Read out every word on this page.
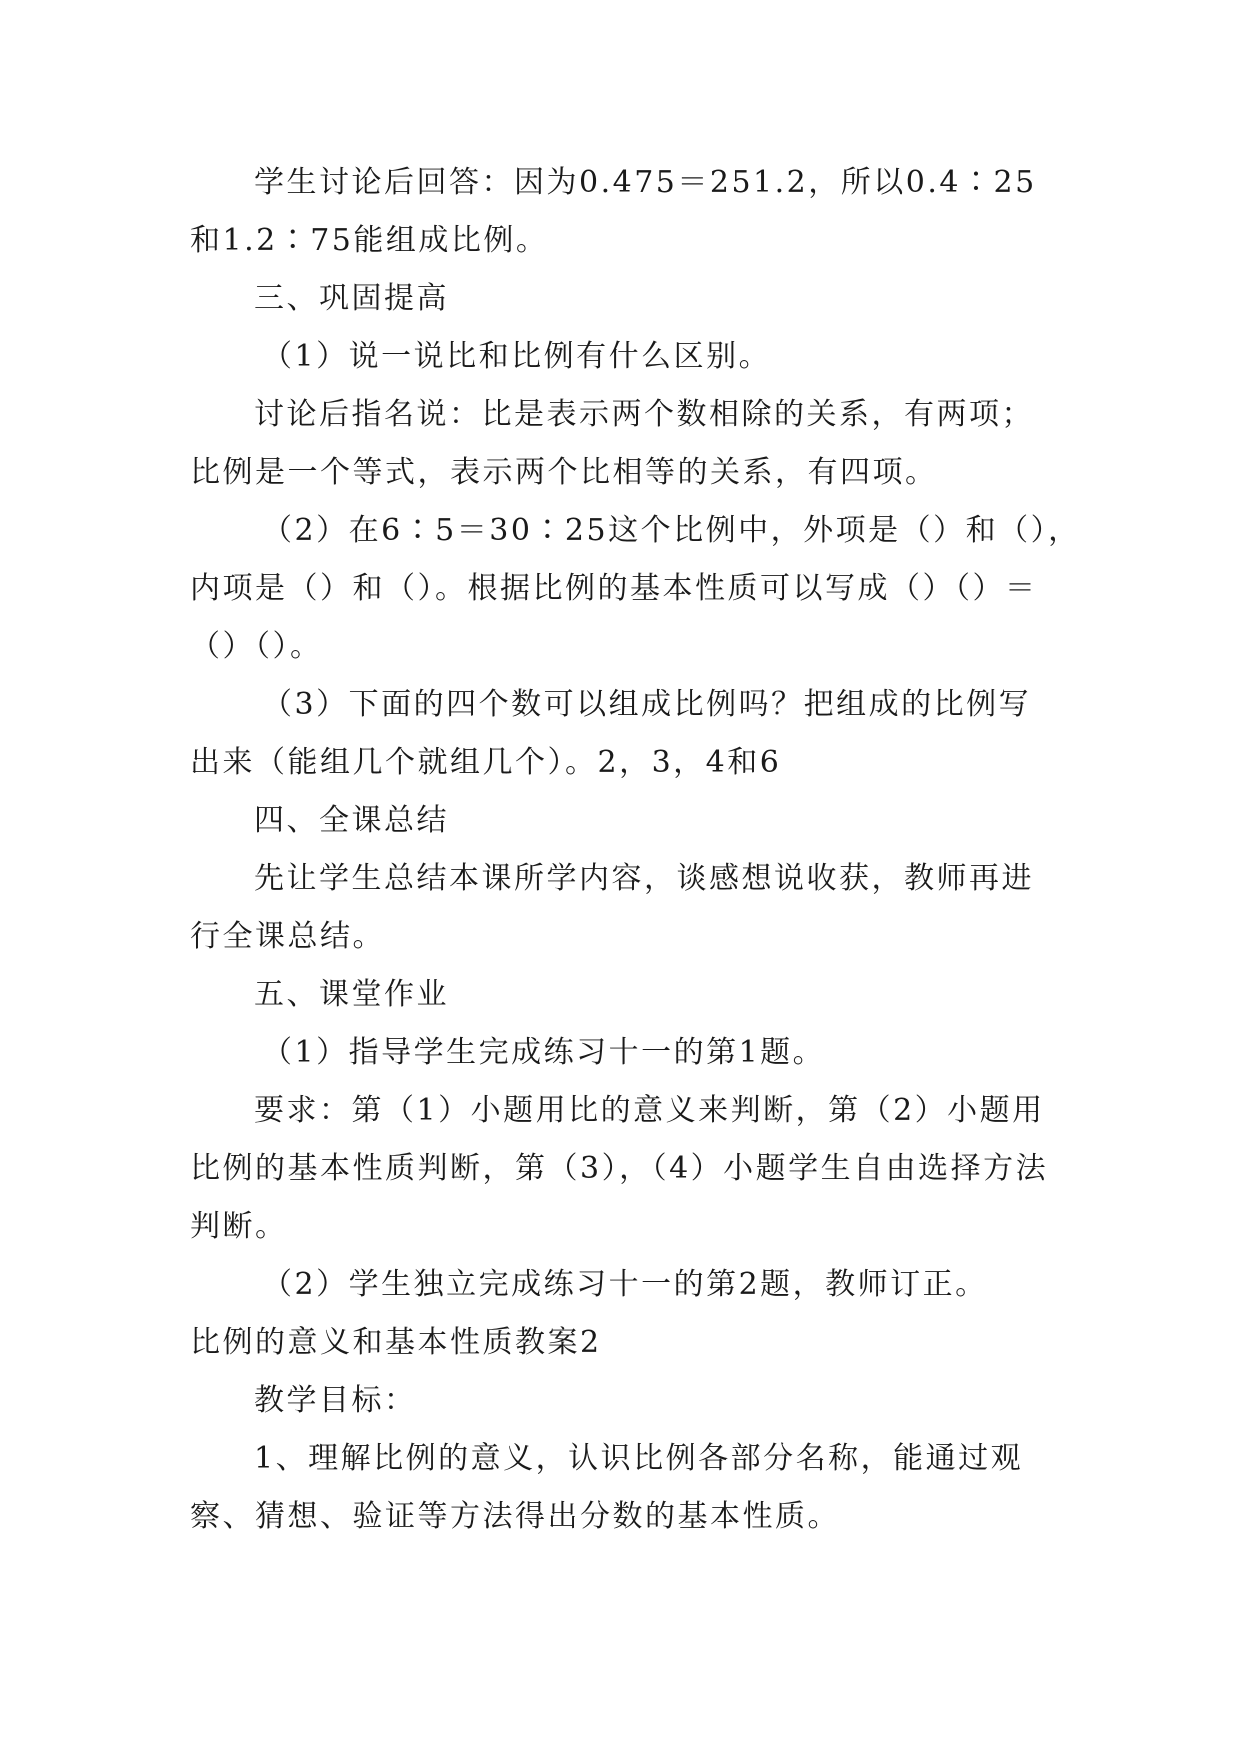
学生讨论后回答：因为0.475＝251.2，所以0.4∶25
和1.2∶75能组成比例。
三、巩固提高
（1）说一说比和比例有什么区别。
讨论后指名说：比是表示两个数相除的关系，有两项；
比例是一个等式，表示两个比相等的关系，有四项。
（2）在6∶5＝30∶25这个比例中，外项是（）和（），
内项是（）和（）。根据比例的基本性质可以写成（）（）＝
（）（）。
（3）下面的四个数可以组成比例吗？把组成的比例写
出来（能组几个就组几个）。2，3，4和6
四、全课总结
先让学生总结本课所学内容，谈感想说收获，教师再进
行全课总结。
五、课堂作业
（1）指导学生完成练习十一的第1题。
要求：第（1）小题用比的意义来判断，第（2）小题用
比例的基本性质判断，第（3），（4）小题学生自由选择方法
判断。
（2）学生独立完成练习十一的第2题，教师订正。
比例的意义和基本性质教案2
教学目标：
1、理解比例的意义，认识比例各部分名称，能通过观
察、猜想、验证等方法得出分数的基本性质。
